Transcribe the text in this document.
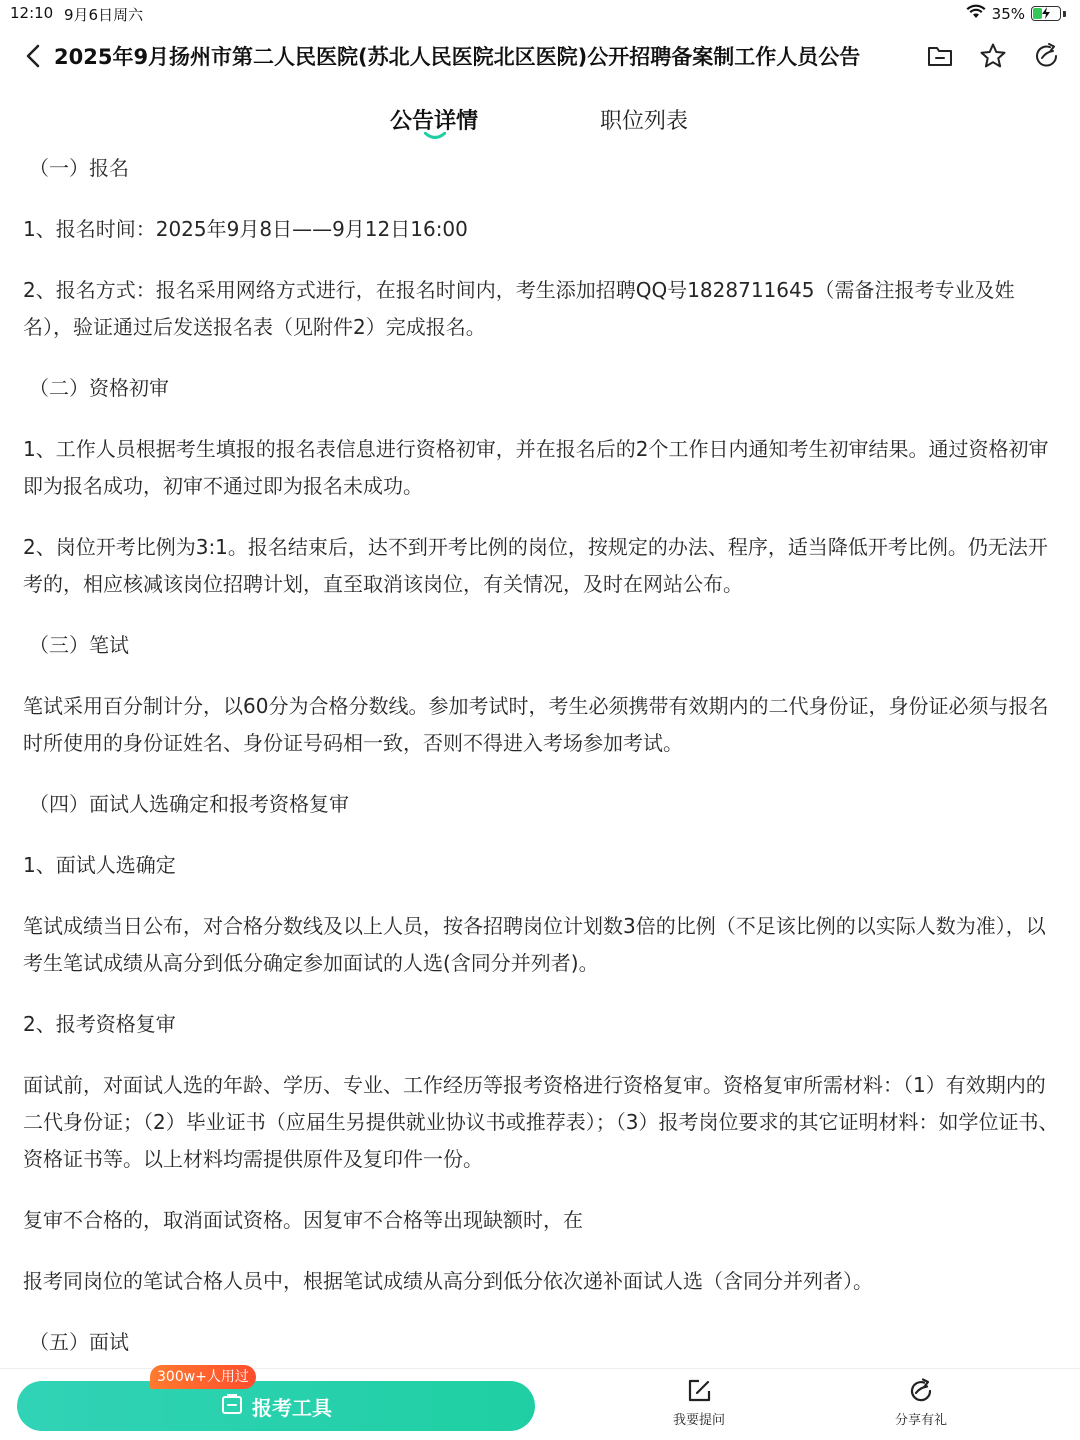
12:10 9月6日周六	35%
2025年9月扬州市第二人民医院(苏北人民医院北区医院)公开招聘备案制工作人员公告
公告详情	职位列表

（一）报名

1、报名时间：2025年9月8日——9月12日16:00

2、报名方式：报名采用网络方式进行，在报名时间内，考生添加招聘QQ号1828711645（需备注报考专业及姓名），验证通过后发送报名表（见附件2）完成报名。

（二）资格初审

1、工作人员根据考生填报的报名表信息进行资格初审，并在报名后的2个工作日内通知考生初审结果。通过资格初审即为报名成功，初审不通过即为报名未成功。

2、岗位开考比例为3:1。报名结束后，达不到开考比例的岗位，按规定的办法、程序，适当降低开考比例。仍无法开考的，相应核减该岗位招聘计划，直至取消该岗位，有关情况，及时在网站公布。

（三）笔试

笔试采用百分制计分，以60分为合格分数线。参加考试时，考生必须携带有效期内的二代身份证，身份证必须与报名时所使用的身份证姓名、身份证号码相一致，否则不得进入考场参加考试。

（四）面试人选确定和报考资格复审

1、面试人选确定

笔试成绩当日公布，对合格分数线及以上人员，按各招聘岗位计划数3倍的比例（不足该比例的以实际人数为准），以考生笔试成绩从高分到低分确定参加面试的人选(含同分并列者)。

2、报考资格复审

面试前，对面试人选的年龄、学历、专业、工作经历等报考资格进行资格复审。资格复审所需材料：（1）有效期内的二代身份证；（2）毕业证书（应届生另提供就业协议书或推荐表）；（3）报考岗位要求的其它证明材料：如学位证书、资格证书等。以上材料均需提供原件及复印件一份。

复审不合格的，取消面试资格。因复审不合格等出现缺额时，在

报考同岗位的笔试合格人员中，根据笔试成绩从高分到低分依次递补面试人选（含同分并列者）。

（五）面试

报考工具
300w+人用过
我要提问	分享有礼
